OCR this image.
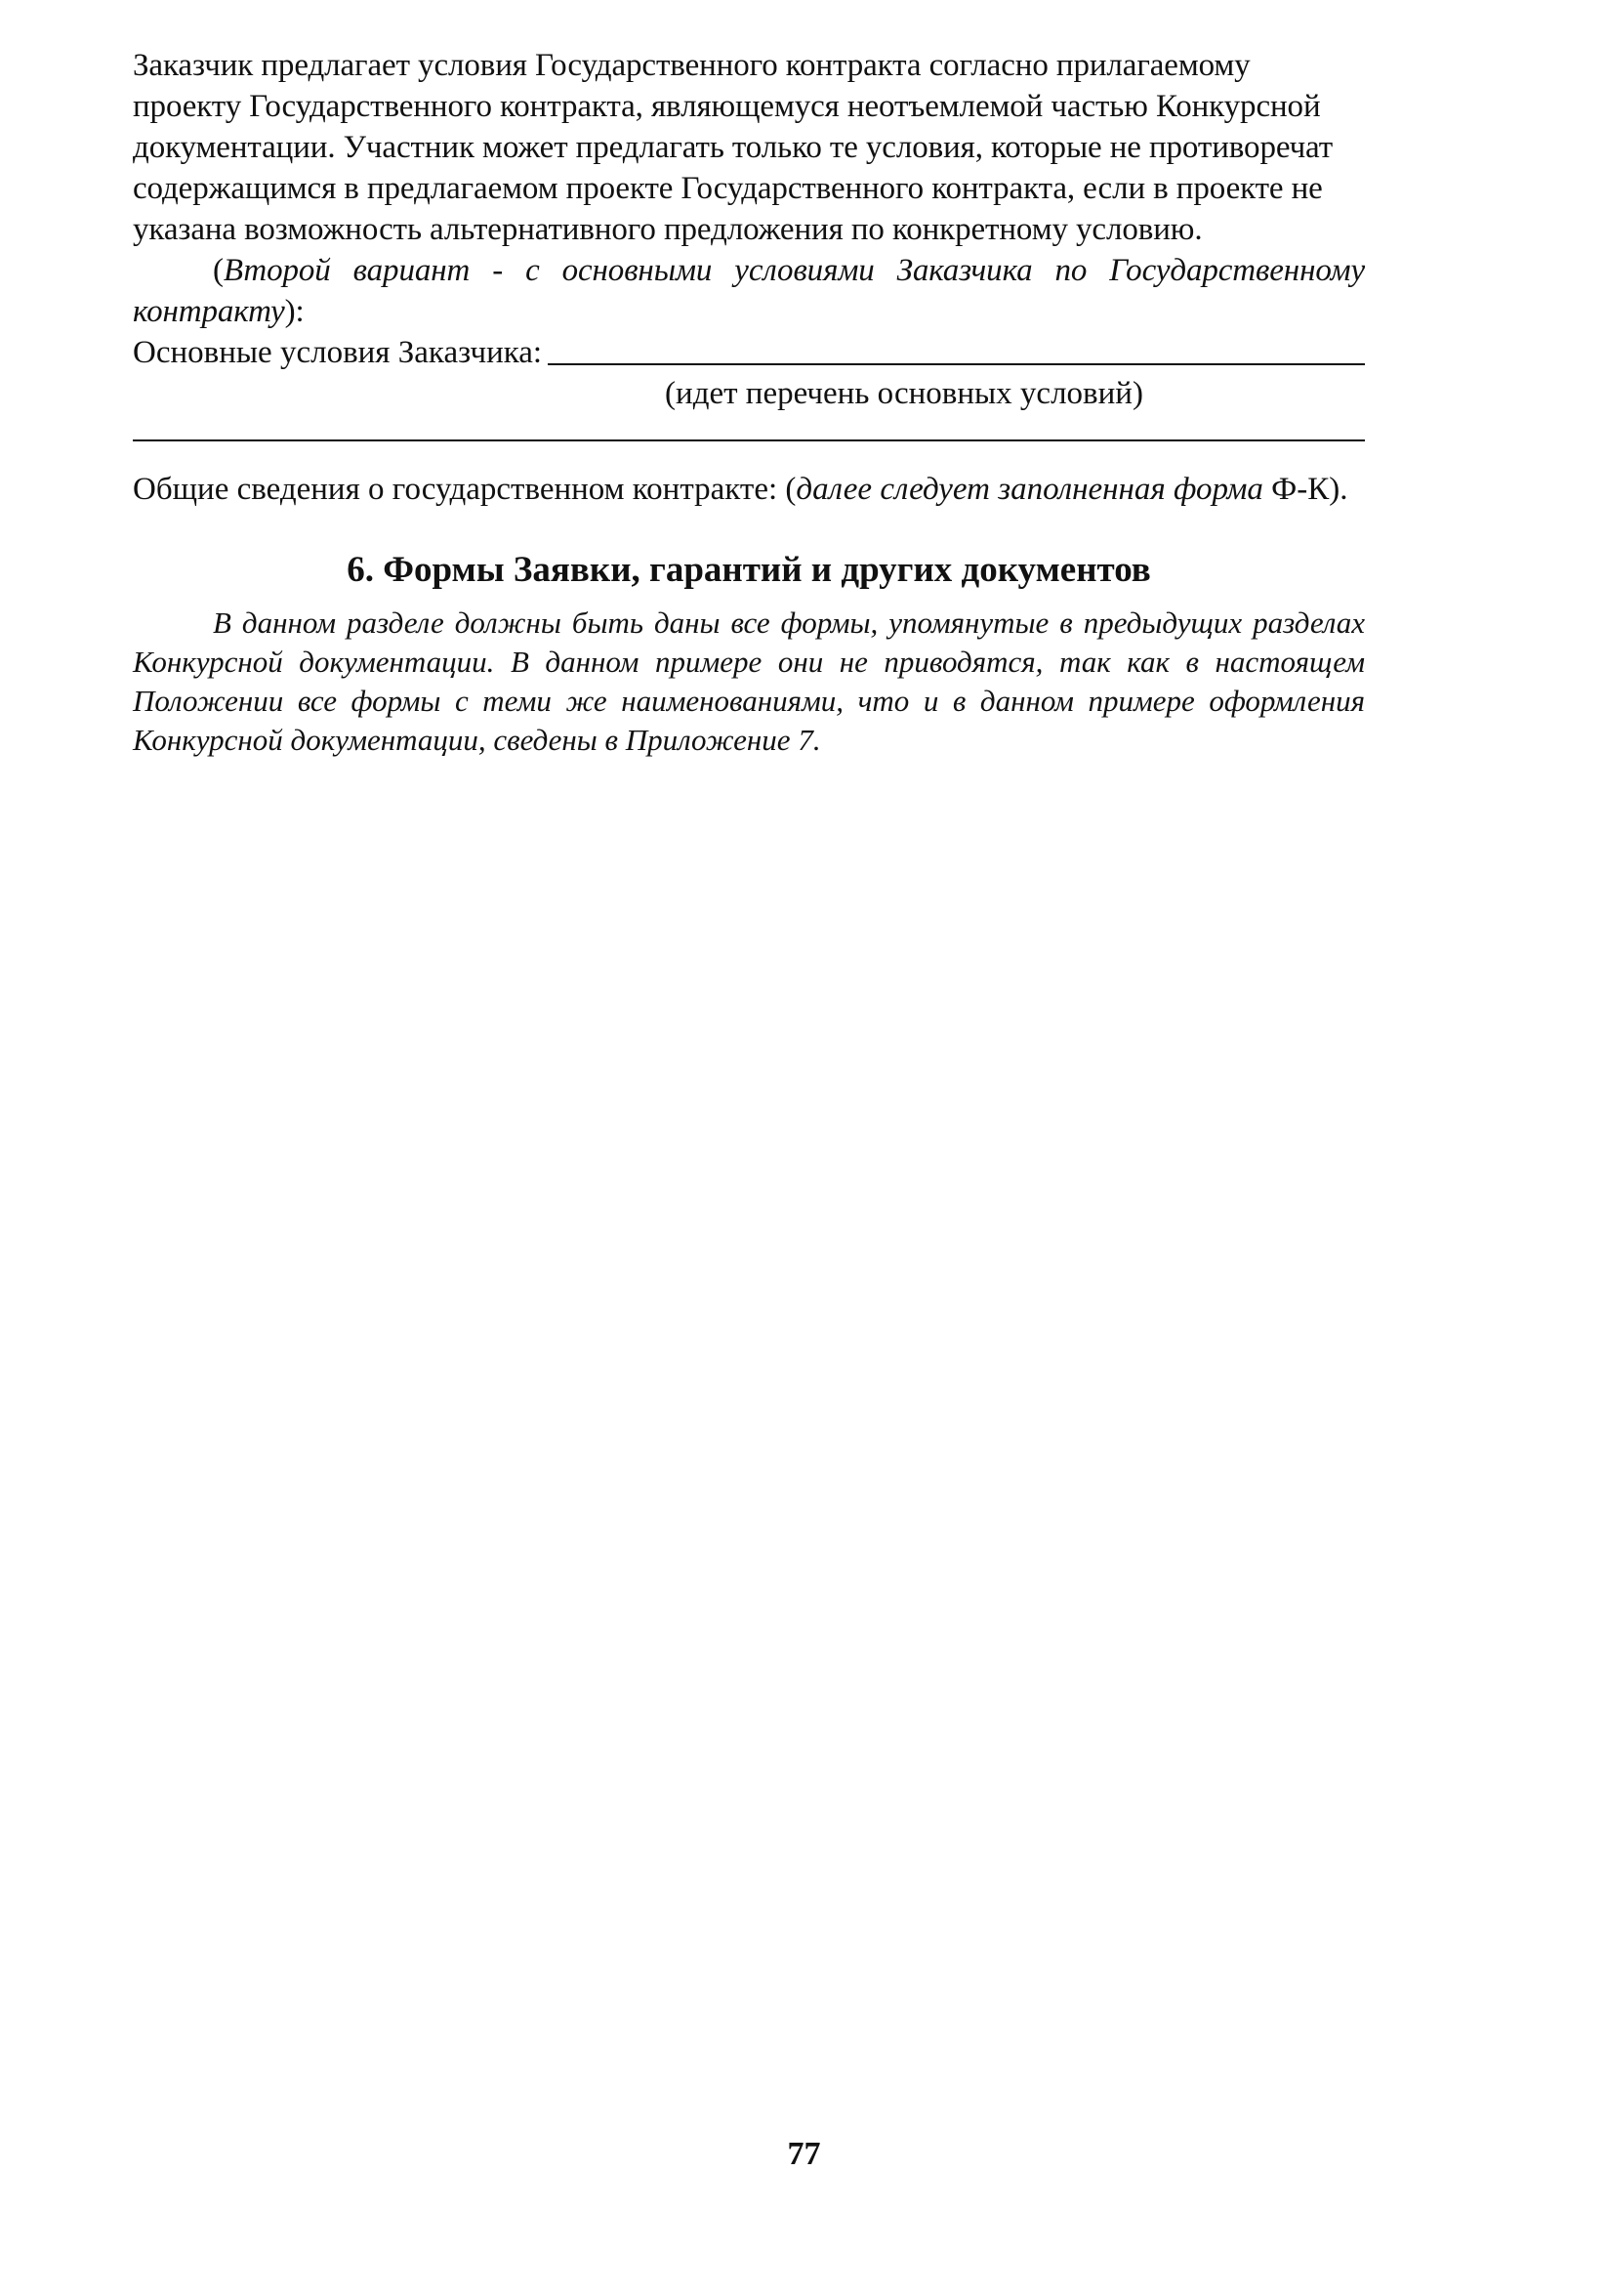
Заказчик предлагает условия Государственного контракта согласно прилагаемому проекту Государственного контракта, являющемуся неотъемлемой частью Конкурсной документации. Участник может предлагать только те условия, которые не противоречат содержащимся в предлагаемом проекте Государственного контракта, если в проекте не указана возможность альтернативного предложения по конкретному условию.

(Второй вариант - с основными условиями Заказчика по Государственному

контракту):

Основные условия Заказчика:
(идет перечень основных условий)

Общие сведения о государственном контракте: (далее следует заполненная форма Ф-К).

6. Формы Заявки, гарантий и других документов

В данном разделе должны быть даны все формы, упомянутые в предыдущих разделах Конкурсной документации. В данном примере они не приводятся, так как в настоящем Положении все формы с теми же наименованиями, что и в данном примере оформления Конкурсной документации, сведены в Приложение 7.

77
